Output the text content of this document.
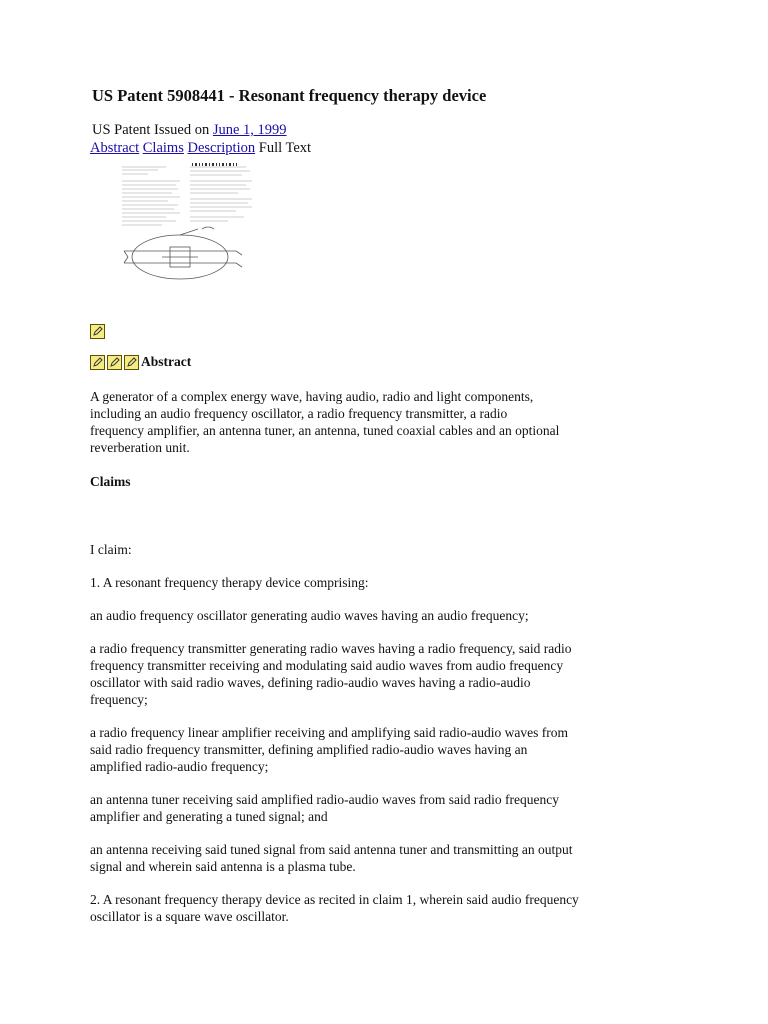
US Patent 5908441 - Resonant frequency therapy device
US Patent Issued on June 1, 1999
Abstract Claims Description Full Text
Abstract

A generator of a complex energy wave, having audio, radio and light components, including an audio frequency oscillator, a radio frequency transmitter, a radio frequency amplifier, an antenna tuner, an antenna, tuned coaxial cables and an optional reverberation unit.

Claims

I claim:

1. A resonant frequency therapy device comprising:

an audio frequency oscillator generating audio waves having an audio frequency;

a radio frequency transmitter generating radio waves having a radio frequency, said radio frequency transmitter receiving and modulating said audio waves from audio frequency oscillator with said radio waves, defining radio-audio waves having a radio-audio frequency;

a radio frequency linear amplifier receiving and amplifying said radio-audio waves from said radio frequency transmitter, defining amplified radio-audio waves having an amplified radio-audio frequency;

an antenna tuner receiving said amplified radio-audio waves from said radio frequency amplifier and generating a tuned signal; and

an antenna receiving said tuned signal from said antenna tuner and transmitting an output signal and wherein said antenna is a plasma tube.

2. A resonant frequency therapy device as recited in claim 1, wherein said audio frequency oscillator is a square wave oscillator.
